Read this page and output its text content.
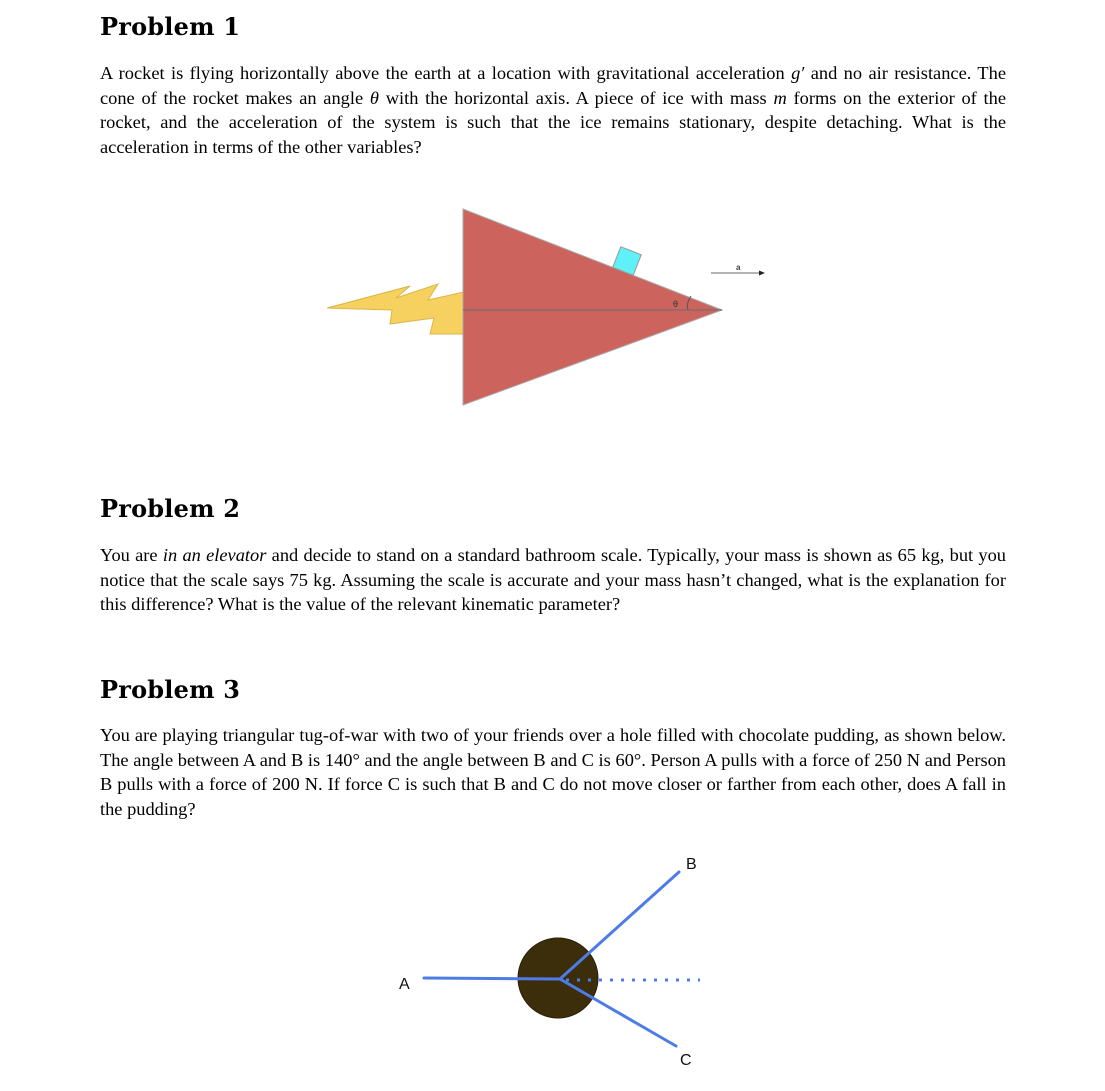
Problem 1

A rocket is flying horizontally above the earth at a location with gravitational acceleration g′ and no air resistance. The cone of the rocket makes an angle θ with the horizontal axis. A piece of ice with mass m forms on the exterior of the rocket, and the acceleration of the system is such that the ice remains stationary, despite detaching. What is the acceleration in terms of the other variables?

θ
a
Problem 2

You are in an elevator and decide to stand on a standard bathroom scale. Typically, your mass is shown as 65 kg, but you notice that the scale says 75 kg. Assuming the scale is accurate and your mass hasn’t changed, what is the explanation for this difference? What is the value of the relevant kinematic parameter?

Problem 3

You are playing triangular tug-of-war with two of your friends over a hole filled with chocolate pudding, as shown below. The angle between A and B is 140° and the angle between B and C is 60°. Person A pulls with a force of 250 N and Person B pulls with a force of 200 N. If force C is such that B and C do not move closer or farther from each other, does A fall in the pudding?

A
B
C
